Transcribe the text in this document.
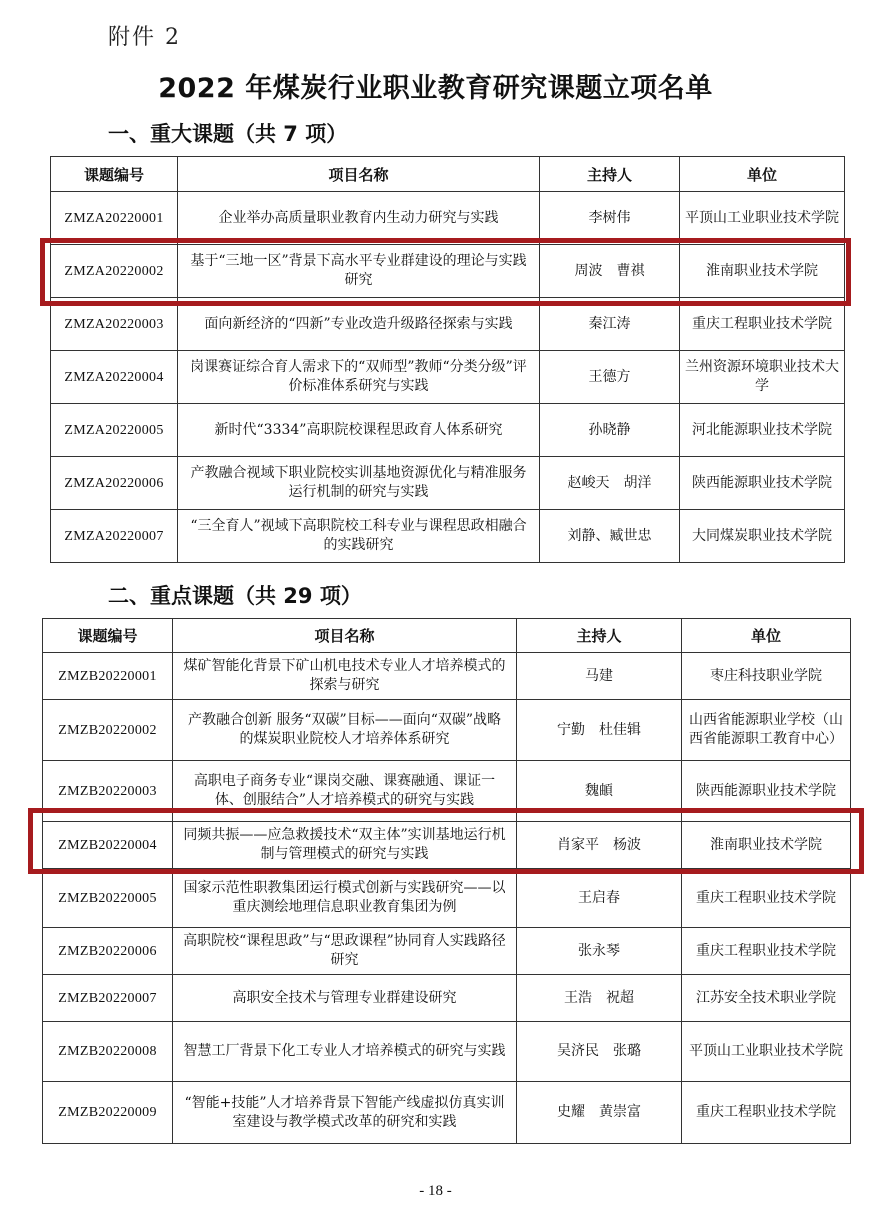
附件 2
2022 年煤炭行业职业教育研究课题立项名单
一、重大课题（共 7 项）
课题编号	项目名称	主持人	单位
ZMZA20220001	企业举办高质量职业教育内生动力研究与实践	李树伟	平顶山工业职业技术学院
ZMZA20220002	基于“三地一区”背景下高水平专业群建设的理论与实践研究	周波　曹祺	淮南职业技术学院
ZMZA20220003	面向新经济的“四新”专业改造升级路径探索与实践	秦江涛	重庆工程职业技术学院
ZMZA20220004	岗课赛证综合育人需求下的“双师型”教师“分类分级”评价标准体系研究与实践	王德方	兰州资源环境职业技术大学
ZMZA20220005	新时代“3334”高职院校课程思政育人体系研究	孙晓静	河北能源职业技术学院
ZMZA20220006	产教融合视域下职业院校实训基地资源优化与精准服务运行机制的研究与实践	赵峻天　胡洋	陕西能源职业技术学院
ZMZA20220007	“三全育人”视域下高职院校工科专业与课程思政相融合的实践研究	刘静、臧世忠	大同煤炭职业技术学院
二、重点课题（共 29 项）
课题编号	项目名称	主持人	单位
ZMZB20220001	煤矿智能化背景下矿山机电技术专业人才培养模式的探索与研究	马建	枣庄科技职业学院
ZMZB20220002	产教融合创新 服务“双碳”目标——面向“双碳”战略的煤炭职业院校人才培养体系研究	宁勤　杜佳辑	山西省能源职业学校（山西省能源职工教育中心）
ZMZB20220003	高职电子商务专业“课岗交融、课赛融通、课证一体、创服结合”人才培养模式的研究与实践	魏頔	陕西能源职业技术学院
ZMZB20220004	同频共振——应急救援技术“双主体”实训基地运行机制与管理模式的研究与实践	肖家平　杨波	淮南职业技术学院
ZMZB20220005	国家示范性职教集团运行模式创新与实践研究——以重庆测绘地理信息职业教育集团为例	王启春	重庆工程职业技术学院
ZMZB20220006	高职院校“课程思政”与“思政课程”协同育人实践路径研究	张永琴	重庆工程职业技术学院
ZMZB20220007	高职安全技术与管理专业群建设研究	王浩　祝超	江苏安全技术职业学院
ZMZB20220008	智慧工厂背景下化工专业人才培养模式的研究与实践	吴济民　张璐	平顶山工业职业技术学院
ZMZB20220009	“智能+技能”人才培养背景下智能产线虚拟仿真实训室建设与教学模式改革的研究和实践	史耀　黄崇富	重庆工程职业技术学院
- 18 -
